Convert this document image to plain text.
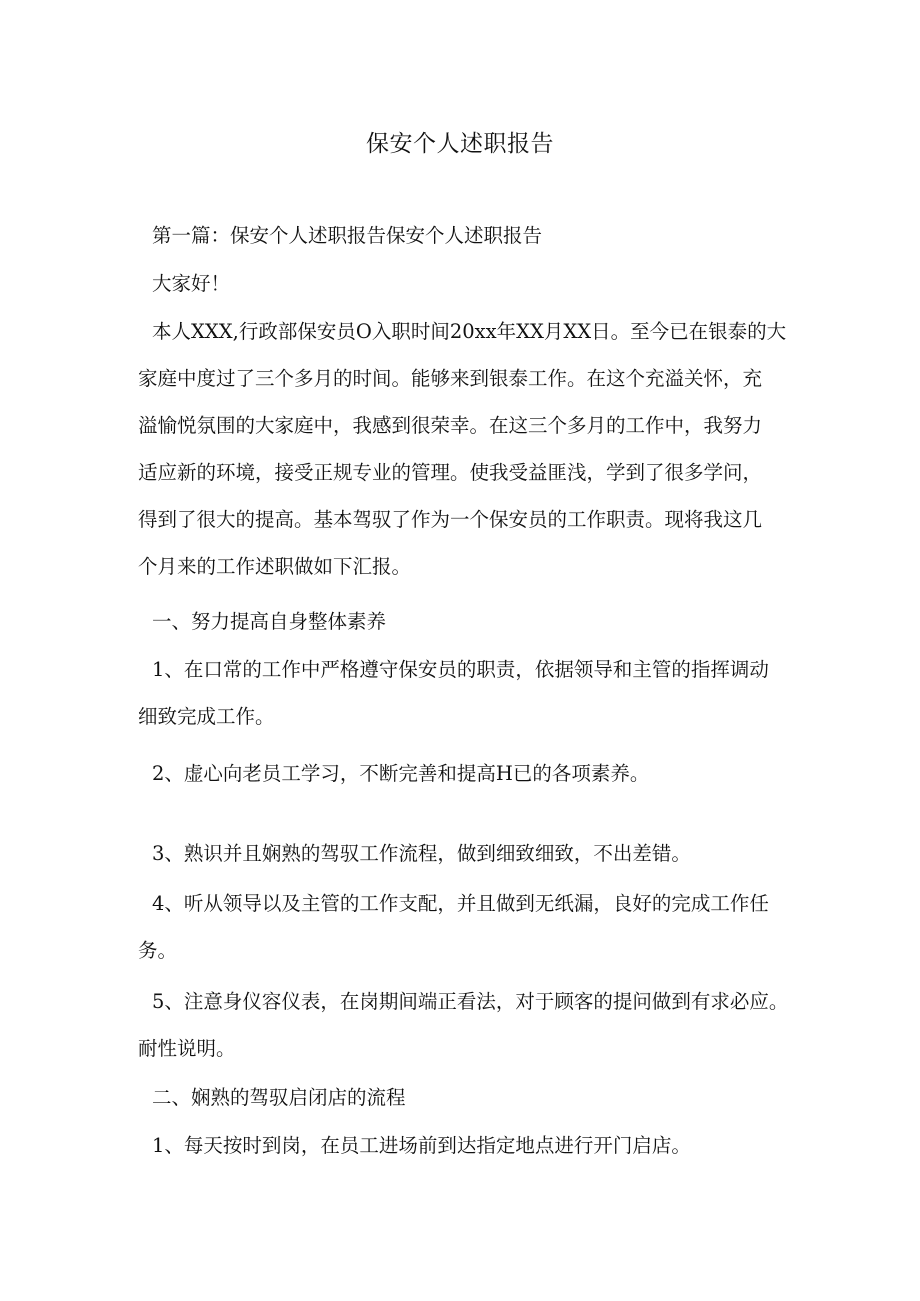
保安个人述职报告

第一篇：保安个人述职报告保安个人述职报告

大家好！

本人XXX,行政部保安员O入职时间20xx年XX月XX日。至今已在银泰的大
家庭中度过了三个多月的时间。能够来到银泰工作。在这个充溢关怀，充
溢愉悦氛围的大家庭中，我感到很荣幸。在这三个多月的工作中，我努力
适应新的环境，接受正规专业的管理。使我受益匪浅，学到了很多学问，
得到了很大的提高。基本驾驭了作为一个保安员的工作职责。现将我这几
个月来的工作述职做如下汇报。

一、努力提高自身整体素养

1、在口常的工作中严格遵守保安员的职责，依据领导和主管的指挥调动
细致完成工作。

2、虚心向老员工学习，不断完善和提高H已的各项素养。

3、熟识并且娴熟的驾驭工作流程，做到细致细致，不出差错。

4、听从领导以及主管的工作支配，并且做到无纸漏，良好的完成工作任
务。
5、注意身仪容仪表，在岗期间端正看法，对于顾客的提问做到有求必应。
耐性说明。

二、娴熟的驾驭启闭店的流程

1、每天按时到岗，在员工进场前到达指定地点进行开门启店。
